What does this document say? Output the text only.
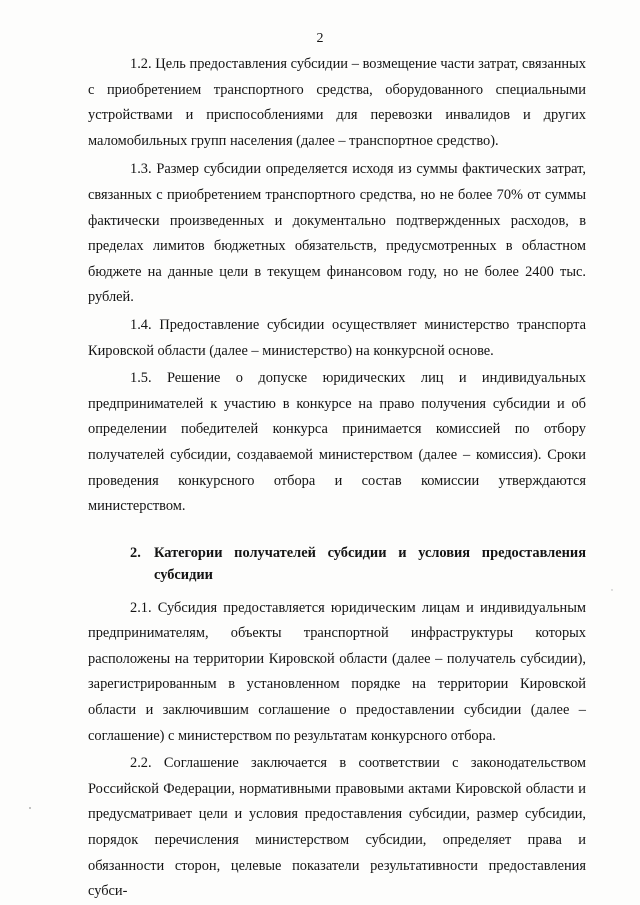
2

1.2. Цель предоставления субсидии – возмещение части затрат, связанных с приобретением транспортного средства, оборудованного специальными устройствами и приспособлениями для перевозки инвалидов и других маломобильных групп населения (далее – транспортное средство).

1.3. Размер субсидии определяется исходя из суммы фактических затрат, связанных с приобретением транспортного средства, но не более 70% от суммы фактически произведенных и документально подтвержденных расходов, в пределах лимитов бюджетных обязательств, предусмотренных в областном бюджете на данные цели в текущем финансовом году, но не более 2400 тыс. рублей.

1.4. Предоставление субсидии осуществляет министерство транспорта Кировской области (далее – министерство) на конкурсной основе.

1.5. Решение о допуске юридических лиц и индивидуальных предпринимателей к участию в конкурсе на право получения субсидии и об определении победителей конкурса принимается комиссией по отбору получателей субсидии, создаваемой министерством (далее – комиссия). Сроки проведения конкурсного отбора и состав комиссии утверждаются министерством.

2. Категории получателей субсидии и условия предоставления субсидии

2.1. Субсидия предоставляется юридическим лицам и индивидуальным предпринимателям, объекты транспортной инфраструктуры которых расположены на территории Кировской области (далее – получатель субсидии), зарегистрированным в установленном порядке на территории Кировской области и заключившим соглашение о предоставлении субсидии (далее – соглашение) с министерством по результатам конкурсного отбора.

2.2. Соглашение заключается в соответствии с законодательством Российской Федерации, нормативными правовыми актами Кировской области и предусматривает цели и условия предоставления субсидии, размер субсидии, порядок перечисления министерством субсидии, определяет права и обязанности сторон, целевые показатели результативности предоставления субси-
